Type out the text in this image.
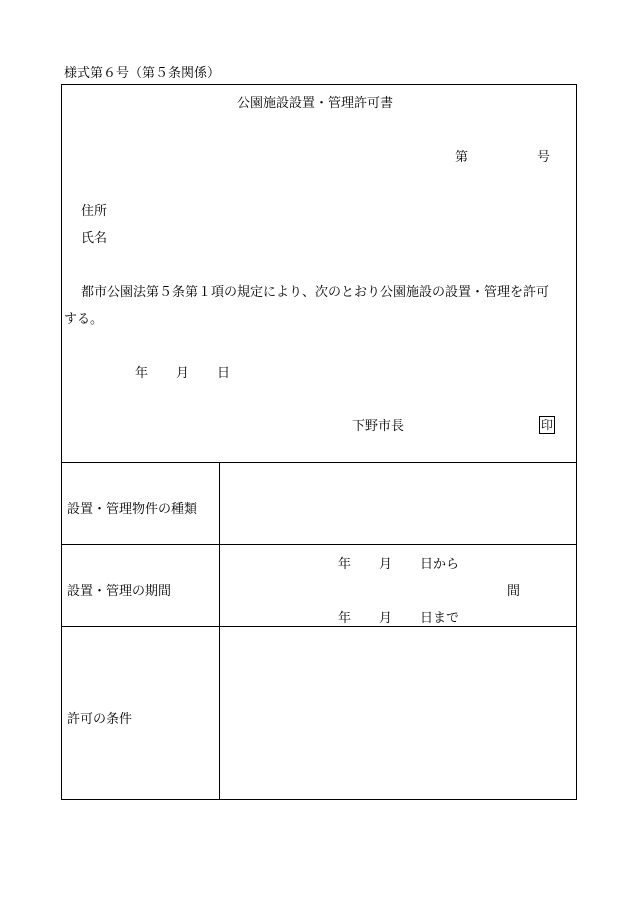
様式第６号（第５条関係）
公園施設設置・管理許可書
第	号
住所
氏名
都市公園法第５条第１項の規定により、次のとおり公園施設の設置・管理を許可
する。
年 月 日
下野市長	印
設置・管理物件の種類
設置・管理の期間
年 月 日から
間
年 月 日まで
許可の条件
